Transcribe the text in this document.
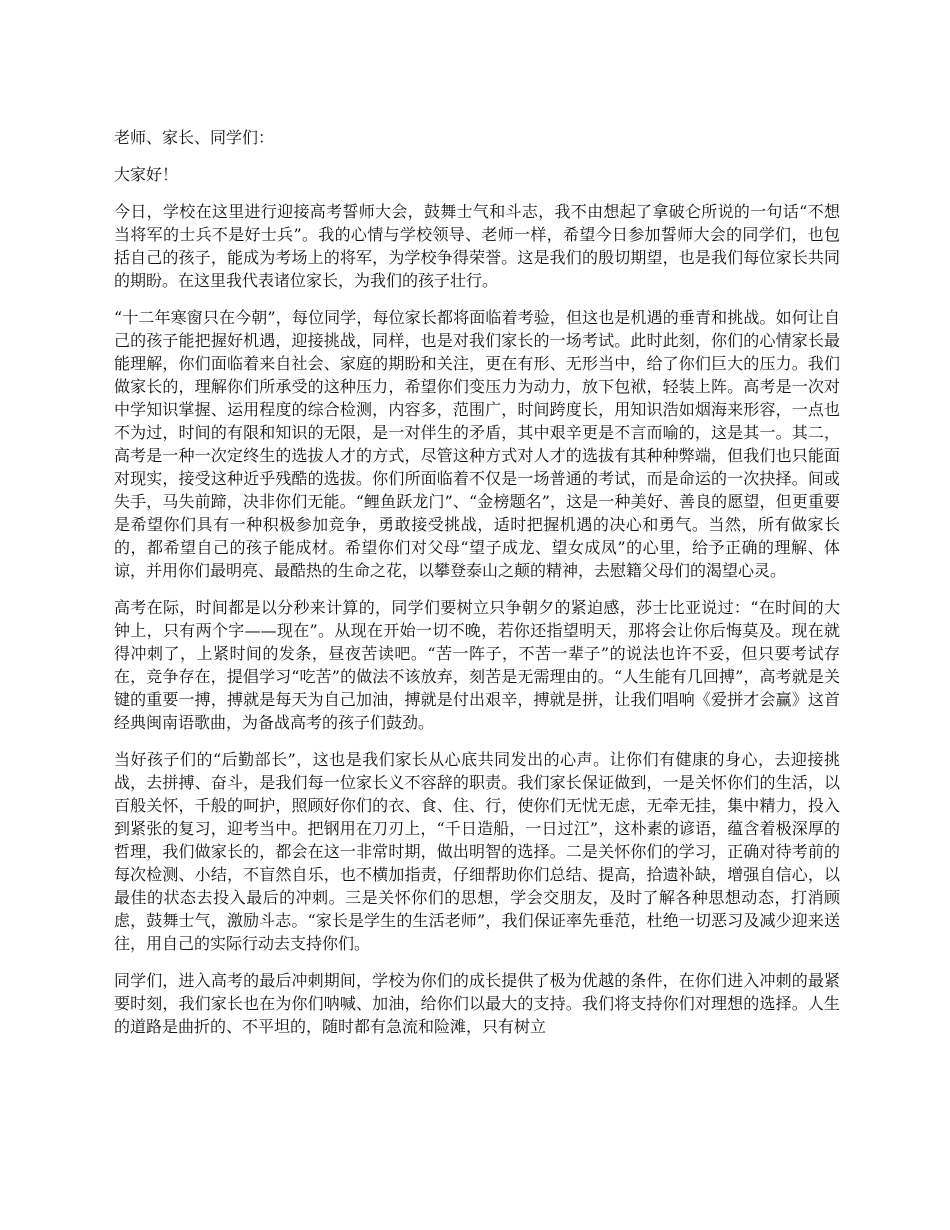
老师、家长、同学们：

大家好！

今日，学校在这里进行迎接高考誓师大会，鼓舞士气和斗志，我不由想起了拿破仑所说的一句话“不想当将军的士兵不是好士兵”。我的心情与学校领导、老师一样，希望今日参加誓师大会的同学们，也包括自己的孩子，能成为考场上的将军，为学校争得荣誉。这是我们的殷切期望，也是我们每位家长共同的期盼。在这里我代表诸位家长，为我们的孩子壮行。

“十二年寒窗只在今朝”，每位同学，每位家长都将面临着考验，但这也是机遇的垂青和挑战。如何让自己的孩子能把握好机遇，迎接挑战，同样，也是对我们家长的一场考试。此时此刻，你们的心情家长最能理解，你们面临着来自社会、家庭的期盼和关注，更在有形、无形当中，给了你们巨大的压力。我们做家长的，理解你们所承受的这种压力，希望你们变压力为动力，放下包袱，轻装上阵。高考是一次对中学知识掌握、运用程度的综合检测，内容多，范围广，时间跨度长，用知识浩如烟海来形容，一点也不为过，时间的有限和知识的无限，是一对伴生的矛盾，其中艰辛更是不言而喻的，这是其一。其二，高考是一种一次定终生的选拔人才的方式，尽管这种方式对人才的选拔有其种种弊端，但我们也只能面对现实，接受这种近乎残酷的选拔。你们所面临着不仅是一场普通的考试，而是命运的一次抉择。间或失手，马失前蹄，决非你们无能。“鲤鱼跃龙门”、“金榜题名”，这是一种美好、善良的愿望，但更重要是希望你们具有一种积极参加竞争，勇敢接受挑战，适时把握机遇的决心和勇气。当然，所有做家长的，都希望自己的孩子能成材。希望你们对父母“望子成龙、望女成凤”的心里，给予正确的理解、体谅，并用你们最明亮、最酷热的生命之花，以攀登泰山之颠的精神，去慰籍父母们的渴望心灵。

高考在际，时间都是以分秒来计算的，同学们要树立只争朝夕的紧迫感，莎士比亚说过：“在时间的大钟上，只有两个字——现在”。从现在开始一切不晚，若你还指望明天，那将会让你后悔莫及。现在就得冲刺了，上紧时间的发条，昼夜苦读吧。“苦一阵子，不苦一辈子”的说法也许不妥，但只要考试存在，竞争存在，提倡学习“吃苦”的做法不该放弃，刻苦是无需理由的。“人生能有几回搏”，高考就是关键的重要一搏，搏就是每天为自己加油，搏就是付出艰辛，搏就是拼，让我们唱响《爱拼才会赢》这首经典闽南语歌曲，为备战高考的孩子们鼓劲。

当好孩子们的“后勤部长”，这也是我们家长从心底共同发出的心声。让你们有健康的身心，去迎接挑战，去拼搏、奋斗，是我们每一位家长义不容辞的职责。我们家长保证做到，一是关怀你们的生活，以百般关怀，千般的呵护，照顾好你们的衣、食、住、行，使你们无忧无虑，无牵无挂，集中精力，投入到紧张的复习，迎考当中。把钢用在刀刃上，“千日造船，一日过江”，这朴素的谚语，蕴含着极深厚的哲理，我们做家长的，都会在这一非常时期，做出明智的选择。二是关怀你们的学习，正确对待考前的每次检测、小结，不盲然自乐，也不横加指责，仔细帮助你们总结、提高，拾遗补缺，增强自信心，以最佳的状态去投入最后的冲刺。三是关怀你们的思想，学会交朋友，及时了解各种思想动态，打消顾虑，鼓舞士气，激励斗志。“家长是学生的生活老师”，我们保证率先垂范，杜绝一切恶习及减少迎来送往，用自己的实际行动去支持你们。

同学们，进入高考的最后冲刺期间，学校为你们的成长提供了极为优越的条件，在你们进入冲刺的最紧要时刻，我们家长也在为你们呐喊、加油，给你们以最大的支持。我们将支持你们对理想的选择。人生的道路是曲折的、不平坦的，随时都有急流和险滩，只有树立
